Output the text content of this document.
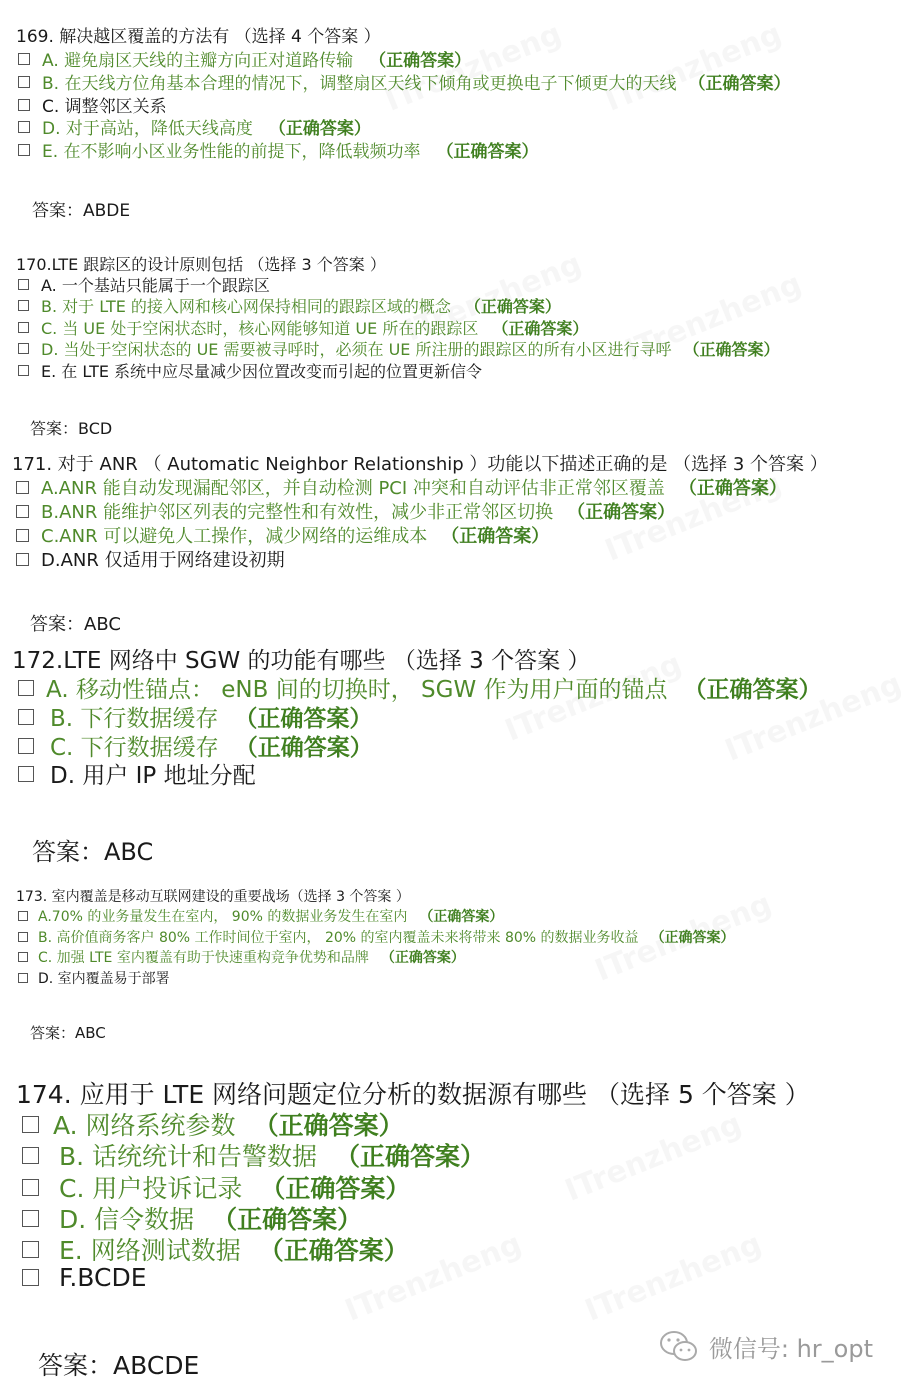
169. 解决越区覆盖的方法有 （选择 4 个答案 ）
A. 避免扇区天线的主瓣方向正对道路传输 （正确答案）
B. 在天线方位角基本合理的情况下，调整扇区天线下倾角或更换电子下倾更大的天线 （正确答案）
C. 调整邻区关系
D. 对于高站，降低天线高度 （正确答案）
E. 在不影响小区业务性能的前提下，降低载频功率 （正确答案）
答案：ABDE
170.LTE 跟踪区的设计原则包括 （选择 3 个答案 ）
A. 一个基站只能属于一个跟踪区
B. 对于 LTE 的接入网和核心网保持相同的跟踪区域的概念 （正确答案）
C. 当 UE 处于空闲状态时，核心网能够知道 UE 所在的跟踪区 （正确答案）
D. 当处于空闲状态的 UE 需要被寻呼时，必须在 UE 所注册的跟踪区的所有小区进行寻呼 （正确答案）
E. 在 LTE 系统中应尽量减少因位置改变而引起的位置更新信令
答案：BCD
171. 对于 ANR （ Automatic Neighbor Relationship ）功能以下描述正确的是 （选择 3 个答案 ）
A.ANR 能自动发现漏配邻区，并自动检测 PCI 冲突和自动评估非正常邻区覆盖 （正确答案）
B.ANR 能维护邻区列表的完整性和有效性，减少非正常邻区切换 （正确答案）
C.ANR 可以避免人工操作，减少网络的运维成本 （正确答案）
D.ANR 仅适用于网络建设初期
答案：ABC
172.LTE 网络中 SGW 的功能有哪些 （选择 3 个答案 ）
A. 移动性锚点： eNB 间的切换时， SGW 作为用户面的锚点 （正确答案）
B. 下行数据缓存 （正确答案）
C. 下行数据缓存 （正确答案）
D. 用户 IP 地址分配
答案：ABC
173. 室内覆盖是移动互联网建设的重要战场（选择 3 个答案 ）
A.70% 的业务量发生在室内， 90% 的数据业务发生在室内 （正确答案）
B. 高价值商务客户 80% 工作时间位于室内， 20% 的室内覆盖未来将带来 80% 的数据业务收益 （正确答案）
C. 加强 LTE 室内覆盖有助于快速重构竞争优势和品牌 （正确答案）
D. 室内覆盖易于部署
答案：ABC
174. 应用于 LTE 网络问题定位分析的数据源有哪些 （选择 5 个答案 ）
A. 网络系统参数 （正确答案）
B. 话统统计和告警数据 （正确答案）
C. 用户投诉记录 （正确答案）
D. 信令数据 （正确答案）
E. 网络测试数据 （正确答案）
F.BCDE
答案：ABCDE
微信号: hr_opt
